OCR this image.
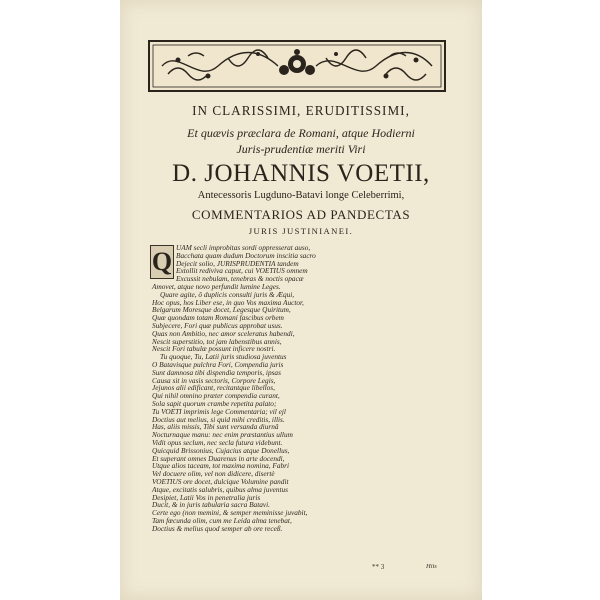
IN CLARISSIMI, ERUDITISSIMI,
Et quævis præclara de Romani, atque Hodierni
Juris-prudentiæ meriti Viri
D. JOHANNIS VOETII,
Antecessoris Lugduno-Batavi longe Celeberrimi,
COMMENTARIOS AD PANDECTAS
JURIS JUSTINIANEI.
UAM secli improbitas sordi oppresserat auso,
Bacchata quam dudum Doctorum inscitia sacro
Dejecit solio, JURISPRUDENTIA tandem
Extollit rediviva caput, cui VOETIUS omnem
Excussit nebulam, tenebras & noctis opacæ
Amovet, atque novo perfundit lumine Leges.
Quare agite, ô duplicis consulti juris & Æqui,
Hoc opus, hos Liber ese, in quo Vos maxima Auctor,
Belgarum Moresque docet, Legesque Quiritum,
Quæ quondam totam Romani fascibus orbem
Subjecere, Fori quæ publicus approbat usus.
Quas non Ambitio, nec amor sceleratus habendi,
Nescit superstitio, tot jam labenstibus annis,
Nescit Fori tabulæ possunt inficere nostri.
Tu quoque, Tu, Latii juris studiosa juventus
O Batavisque pulchra Fori, Compendia juris
Sunt damnosa tibi dispendia temporis, ipsas
Causa sit in vasis sectoris, Corpore Legis,
Jejunos alii edificant, recitantque libellos,
Qui nihil omnino præter compendia curant,
Sola sapit quorum crambe repetita palato;
Tu VOETI imprimis lege Commentaria; vil ejl
Doctius aut melius, si quid mihi creditis, illis.
Has, aliis missis, Tibi sunt versanda diurnâ
Nocturnaque manu: nec enim præstantius ullum
Vidit opus seclum, nec secla futura videbunt.
Quicquid Brissonius, Cujacius atque Donellus,
Et superant omnes Duarenus in arte docendi,
Utque alios taceam, tot maxima nomina, Fabri
Vel docuere olim, vel non didicere, disertè
VOETIUS ore docet, dulcique Volumine pandit
Atque, excitatis salubris, quibus alma juventus
Desipiet, Latii Vos in penetralia juris
Ducit, & in juris tabularia sacra Batavi.
Certe ego (non memini, & semper meminisse juvabit,
Tam fœcunda olim, cum me Leida alma tenebat,
Doctius & melius quod semper ab ore receß.
Q
** 3	Hiis
